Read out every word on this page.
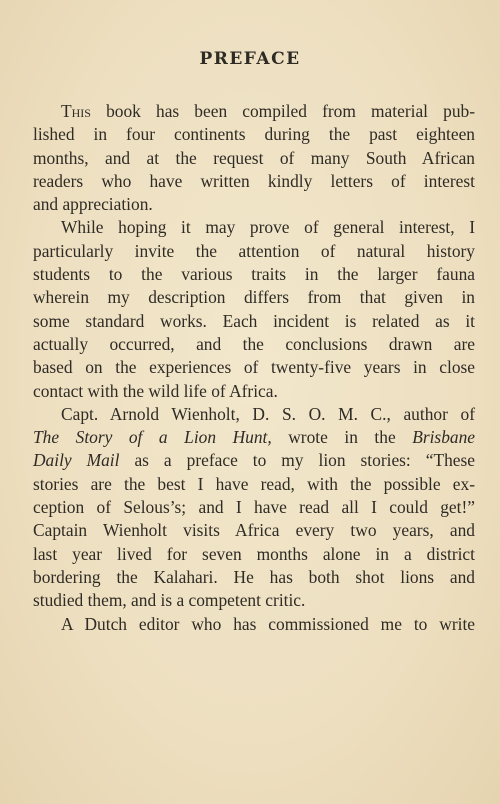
PREFACE
This book has been compiled from material pub-
lished in four continents during the past eighteen
months, and at the request of many South African
readers who have written kindly letters of interest
and appreciation.
While hoping it may prove of general interest, I
particularly invite the attention of natural history
students to the various traits in the larger fauna
wherein my description differs from that given in
some standard works. Each incident is related as it
actually occurred, and the conclusions drawn are
based on the experiences of twenty-five years in close
contact with the wild life of Africa.
Capt. Arnold Wienholt, D. S. O. M. C., author of
The Story of a Lion Hunt, wrote in the Brisbane
Daily Mail as a preface to my lion stories: “These
stories are the best I have read, with the possible ex-
ception of Selous’s; and I have read all I could get!”
Captain Wienholt visits Africa every two years, and
last year lived for seven months alone in a district
bordering the Kalahari. He has both shot lions and
studied them, and is a competent critic.
A Dutch editor who has commissioned me to write
